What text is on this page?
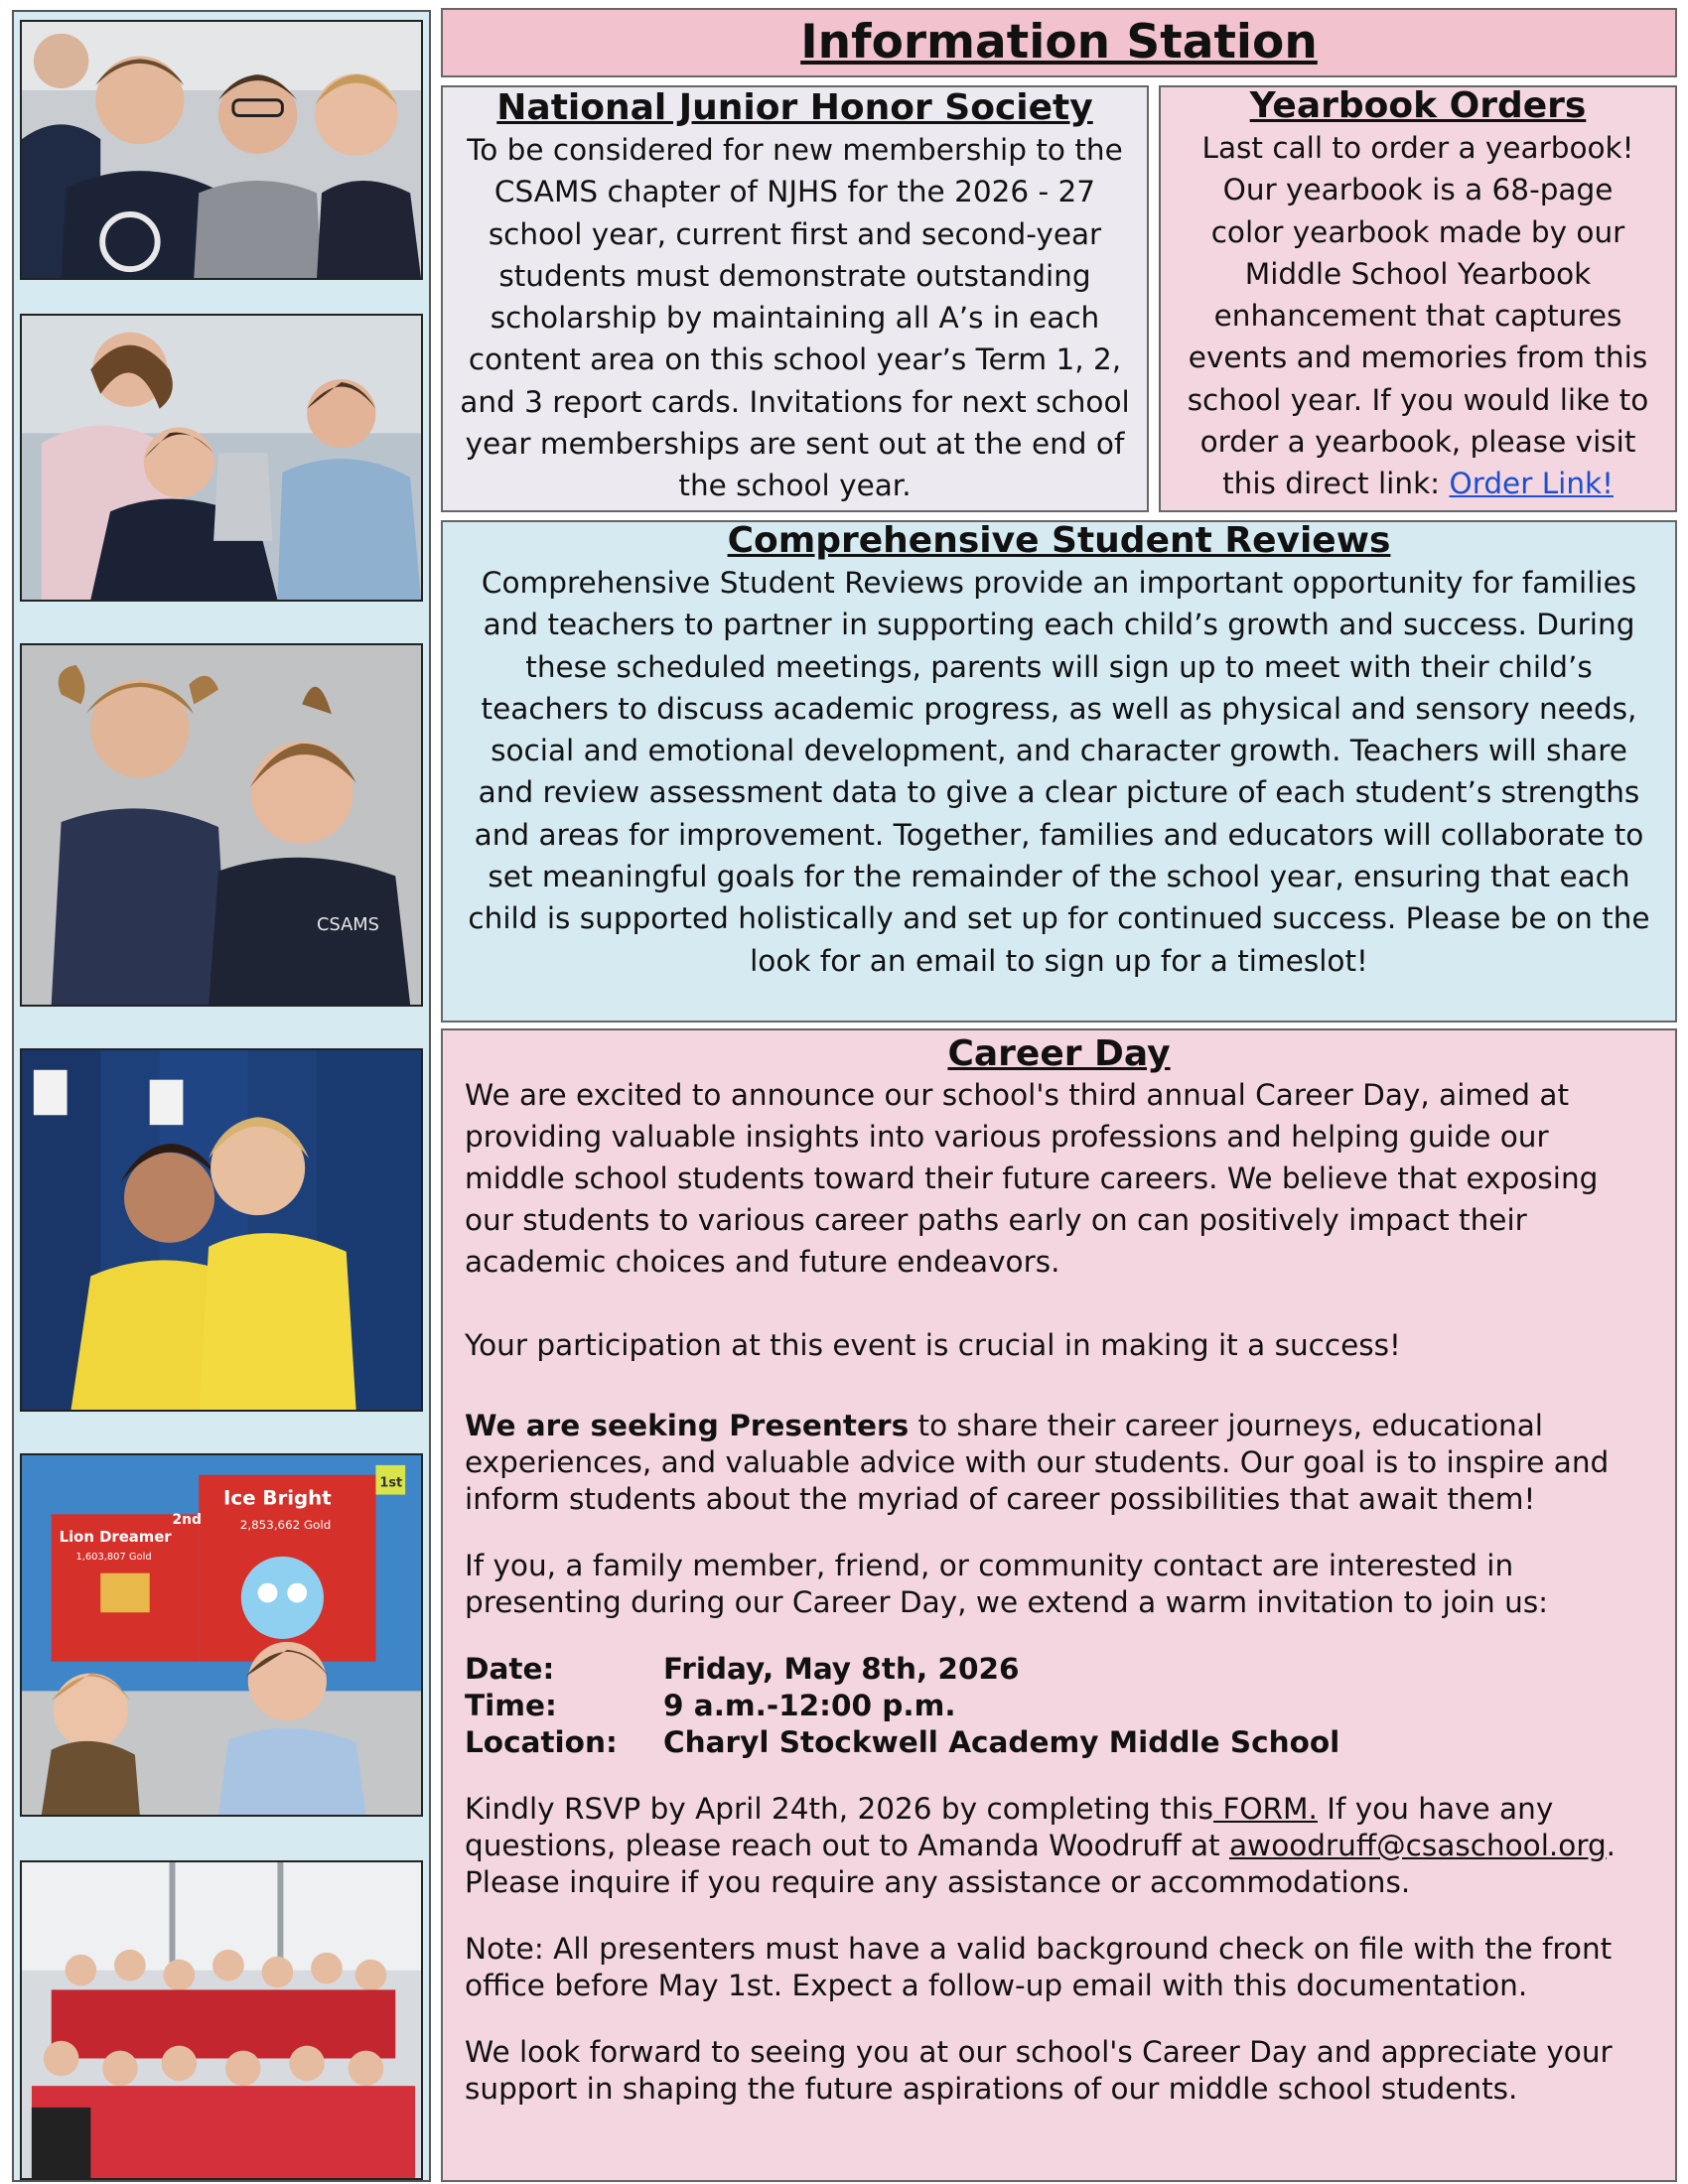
CSAMS
Lion Dreamer
1,603,807 Gold
2nd
Ice Bright
2,853,662 Gold
1st
Information Station
National Junior Honor Society

To be considered for new membership to the CSAMS chapter of NJHS for the 2026 - 27 school year, current first and second-year students must demonstrate outstanding scholarship by maintaining all A’s in each content area on this school year’s Term 1, 2, and 3 report cards. Invitations for next school year memberships are sent out at the end of the school year.

Yearbook Orders

Last call to order a yearbook! Our yearbook is a 68-page color yearbook made by our Middle School Yearbook enhancement that captures events and memories from this school year. If you would like to order a yearbook, please visit this direct link: Order Link!

Comprehensive Student Reviews

Comprehensive Student Reviews provide an important opportunity for families and teachers to partner in supporting each child’s growth and success. During these scheduled meetings, parents will sign up to meet with their child’s teachers to discuss academic progress, as well as physical and sensory needs, social and emotional development, and character growth. Teachers will share and review assessment data to give a clear picture of each student’s strengths and areas for improvement. Together, families and educators will collaborate to set meaningful goals for the remainder of the school year, ensuring that each child is supported holistically and set up for continued success. Please be on the look for an email to sign up for a timeslot!

Career Day

We are excited to announce our school's third annual Career Day, aimed at providing valuable insights into various professions and helping guide our middle school students toward their future careers. We believe that exposing our students to various career paths early on can positively impact their academic choices and future endeavors.

Your participation at this event is crucial in making it a success!

We are seeking Presenters to share their career journeys, educational experiences, and valuable advice with our students. Our goal is to inspire and inform students about the myriad of career possibilities that await them!

If you, a family member, friend, or community contact are interested in presenting during our Career Day, we extend a warm invitation to join us:

Date:	Friday, May 8th, 2026
Time:	9 a.m.-12:00 p.m.
Location:	Charyl Stockwell Academy Middle School

Kindly RSVP by April 24th, 2026 by completing this FORM. If you have any questions, please reach out to Amanda Woodruff at awoodruff@csaschool.org. Please inquire if you require any assistance or accommodations.

Note: All presenters must have a valid background check on file with the front office before May 1st. Expect a follow-up email with this documentation.

We look forward to seeing you at our school's Career Day and appreciate your support in shaping the future aspirations of our middle school students.
